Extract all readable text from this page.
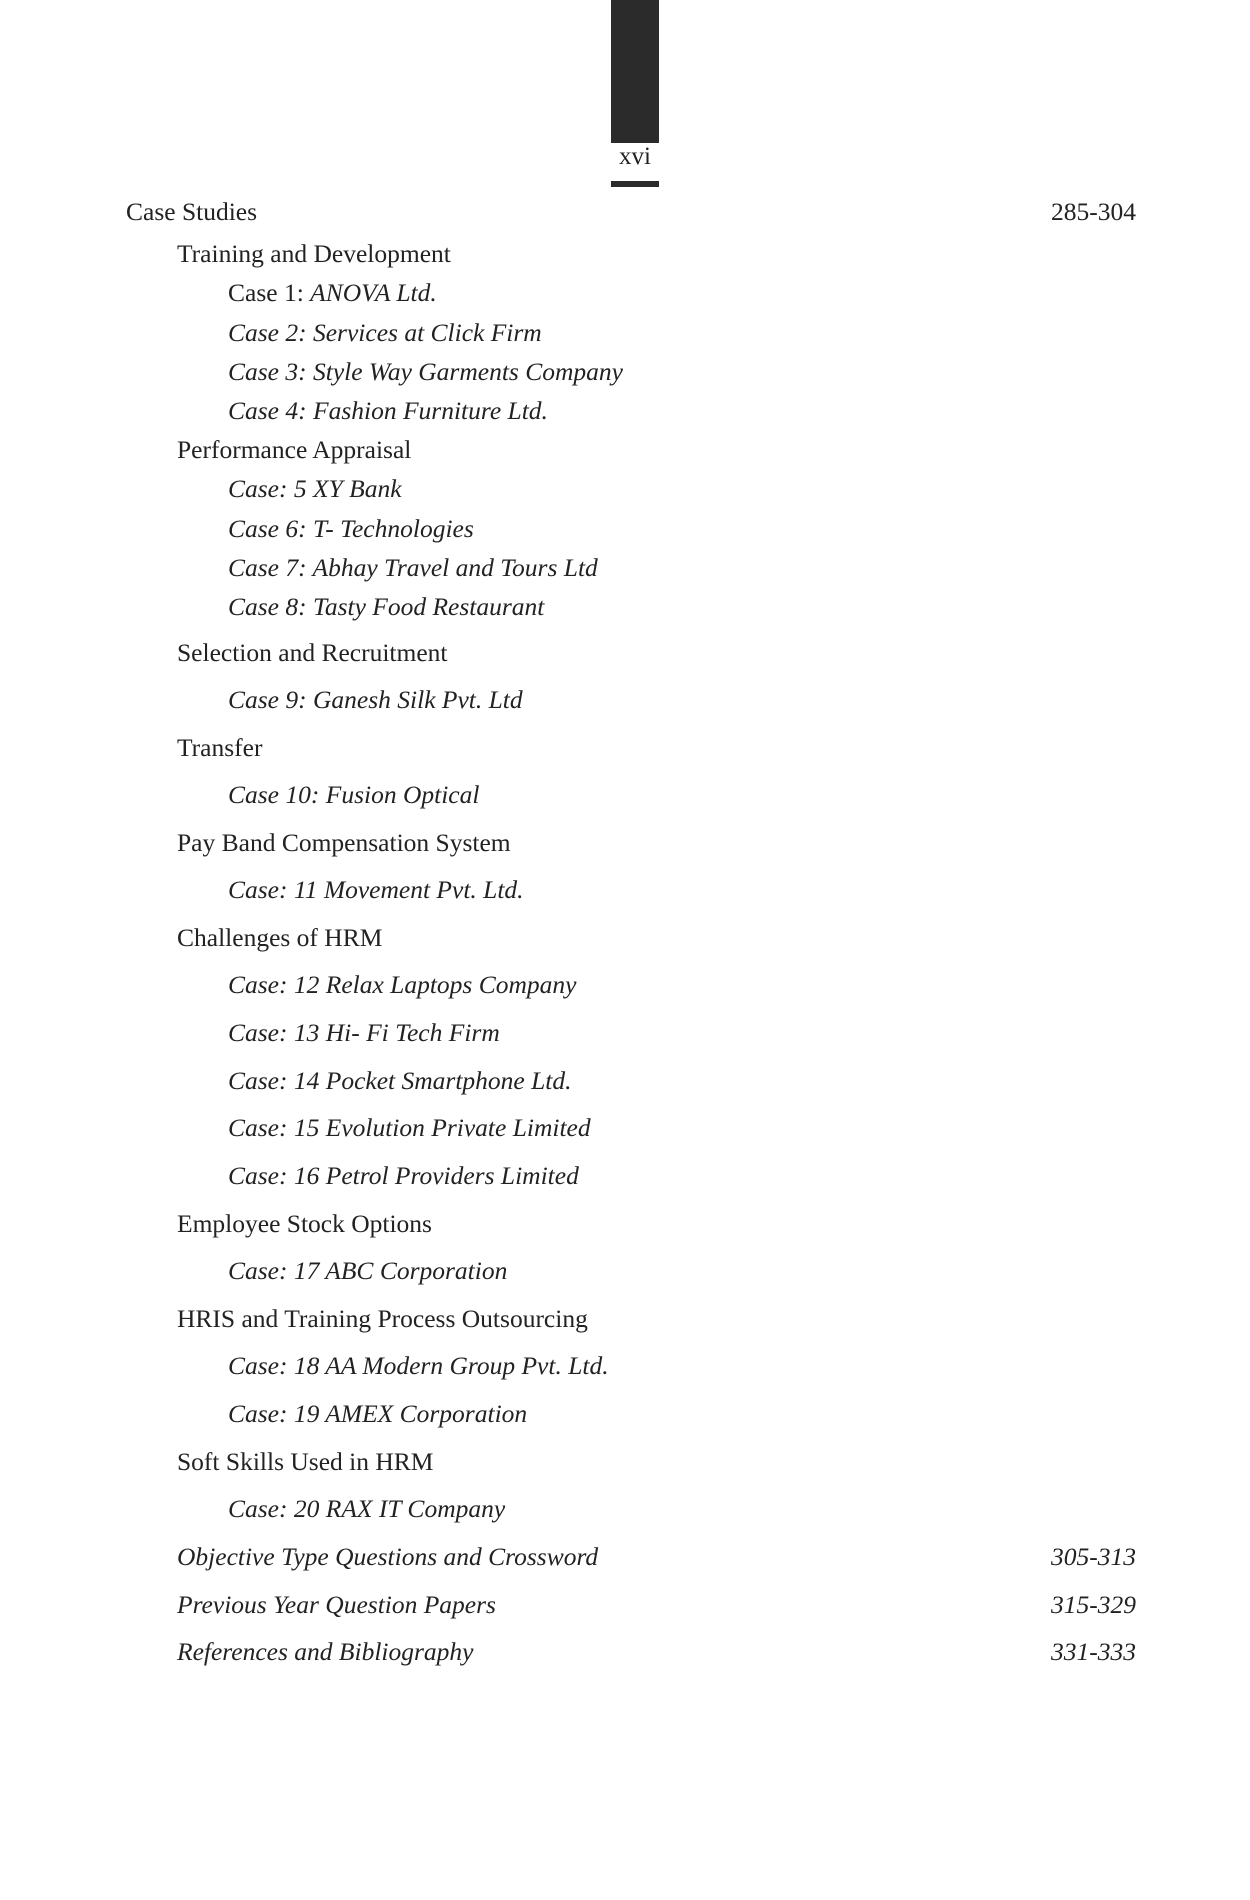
xvi
Case Studies	285-304
Training and Development
Case 1: ANOVA Ltd.
Case 2: Services at Click Firm
Case 3: Style Way Garments Company
Case 4: Fashion Furniture Ltd.
Performance Appraisal
Case: 5 XY Bank
Case 6: T- Technologies
Case 7: Abhay Travel and Tours Ltd
Case 8: Tasty Food Restaurant
Selection and Recruitment
Case 9: Ganesh Silk Pvt. Ltd
Transfer
Case 10: Fusion Optical
Pay Band Compensation System
Case: 11 Movement Pvt. Ltd.
Challenges of HRM
Case: 12 Relax Laptops Company
Case: 13 Hi- Fi Tech Firm
Case: 14 Pocket Smartphone Ltd.
Case: 15 Evolution Private Limited
Case: 16 Petrol Providers Limited
Employee Stock Options
Case: 17 ABC Corporation
HRIS and Training Process Outsourcing
Case: 18 AA Modern Group Pvt. Ltd.
Case: 19 AMEX Corporation
Soft Skills Used in HRM
Case: 20 RAX IT Company
Objective Type Questions and Crossword	305-313
Previous Year Question Papers	315-329
References and Bibliography	331-333
